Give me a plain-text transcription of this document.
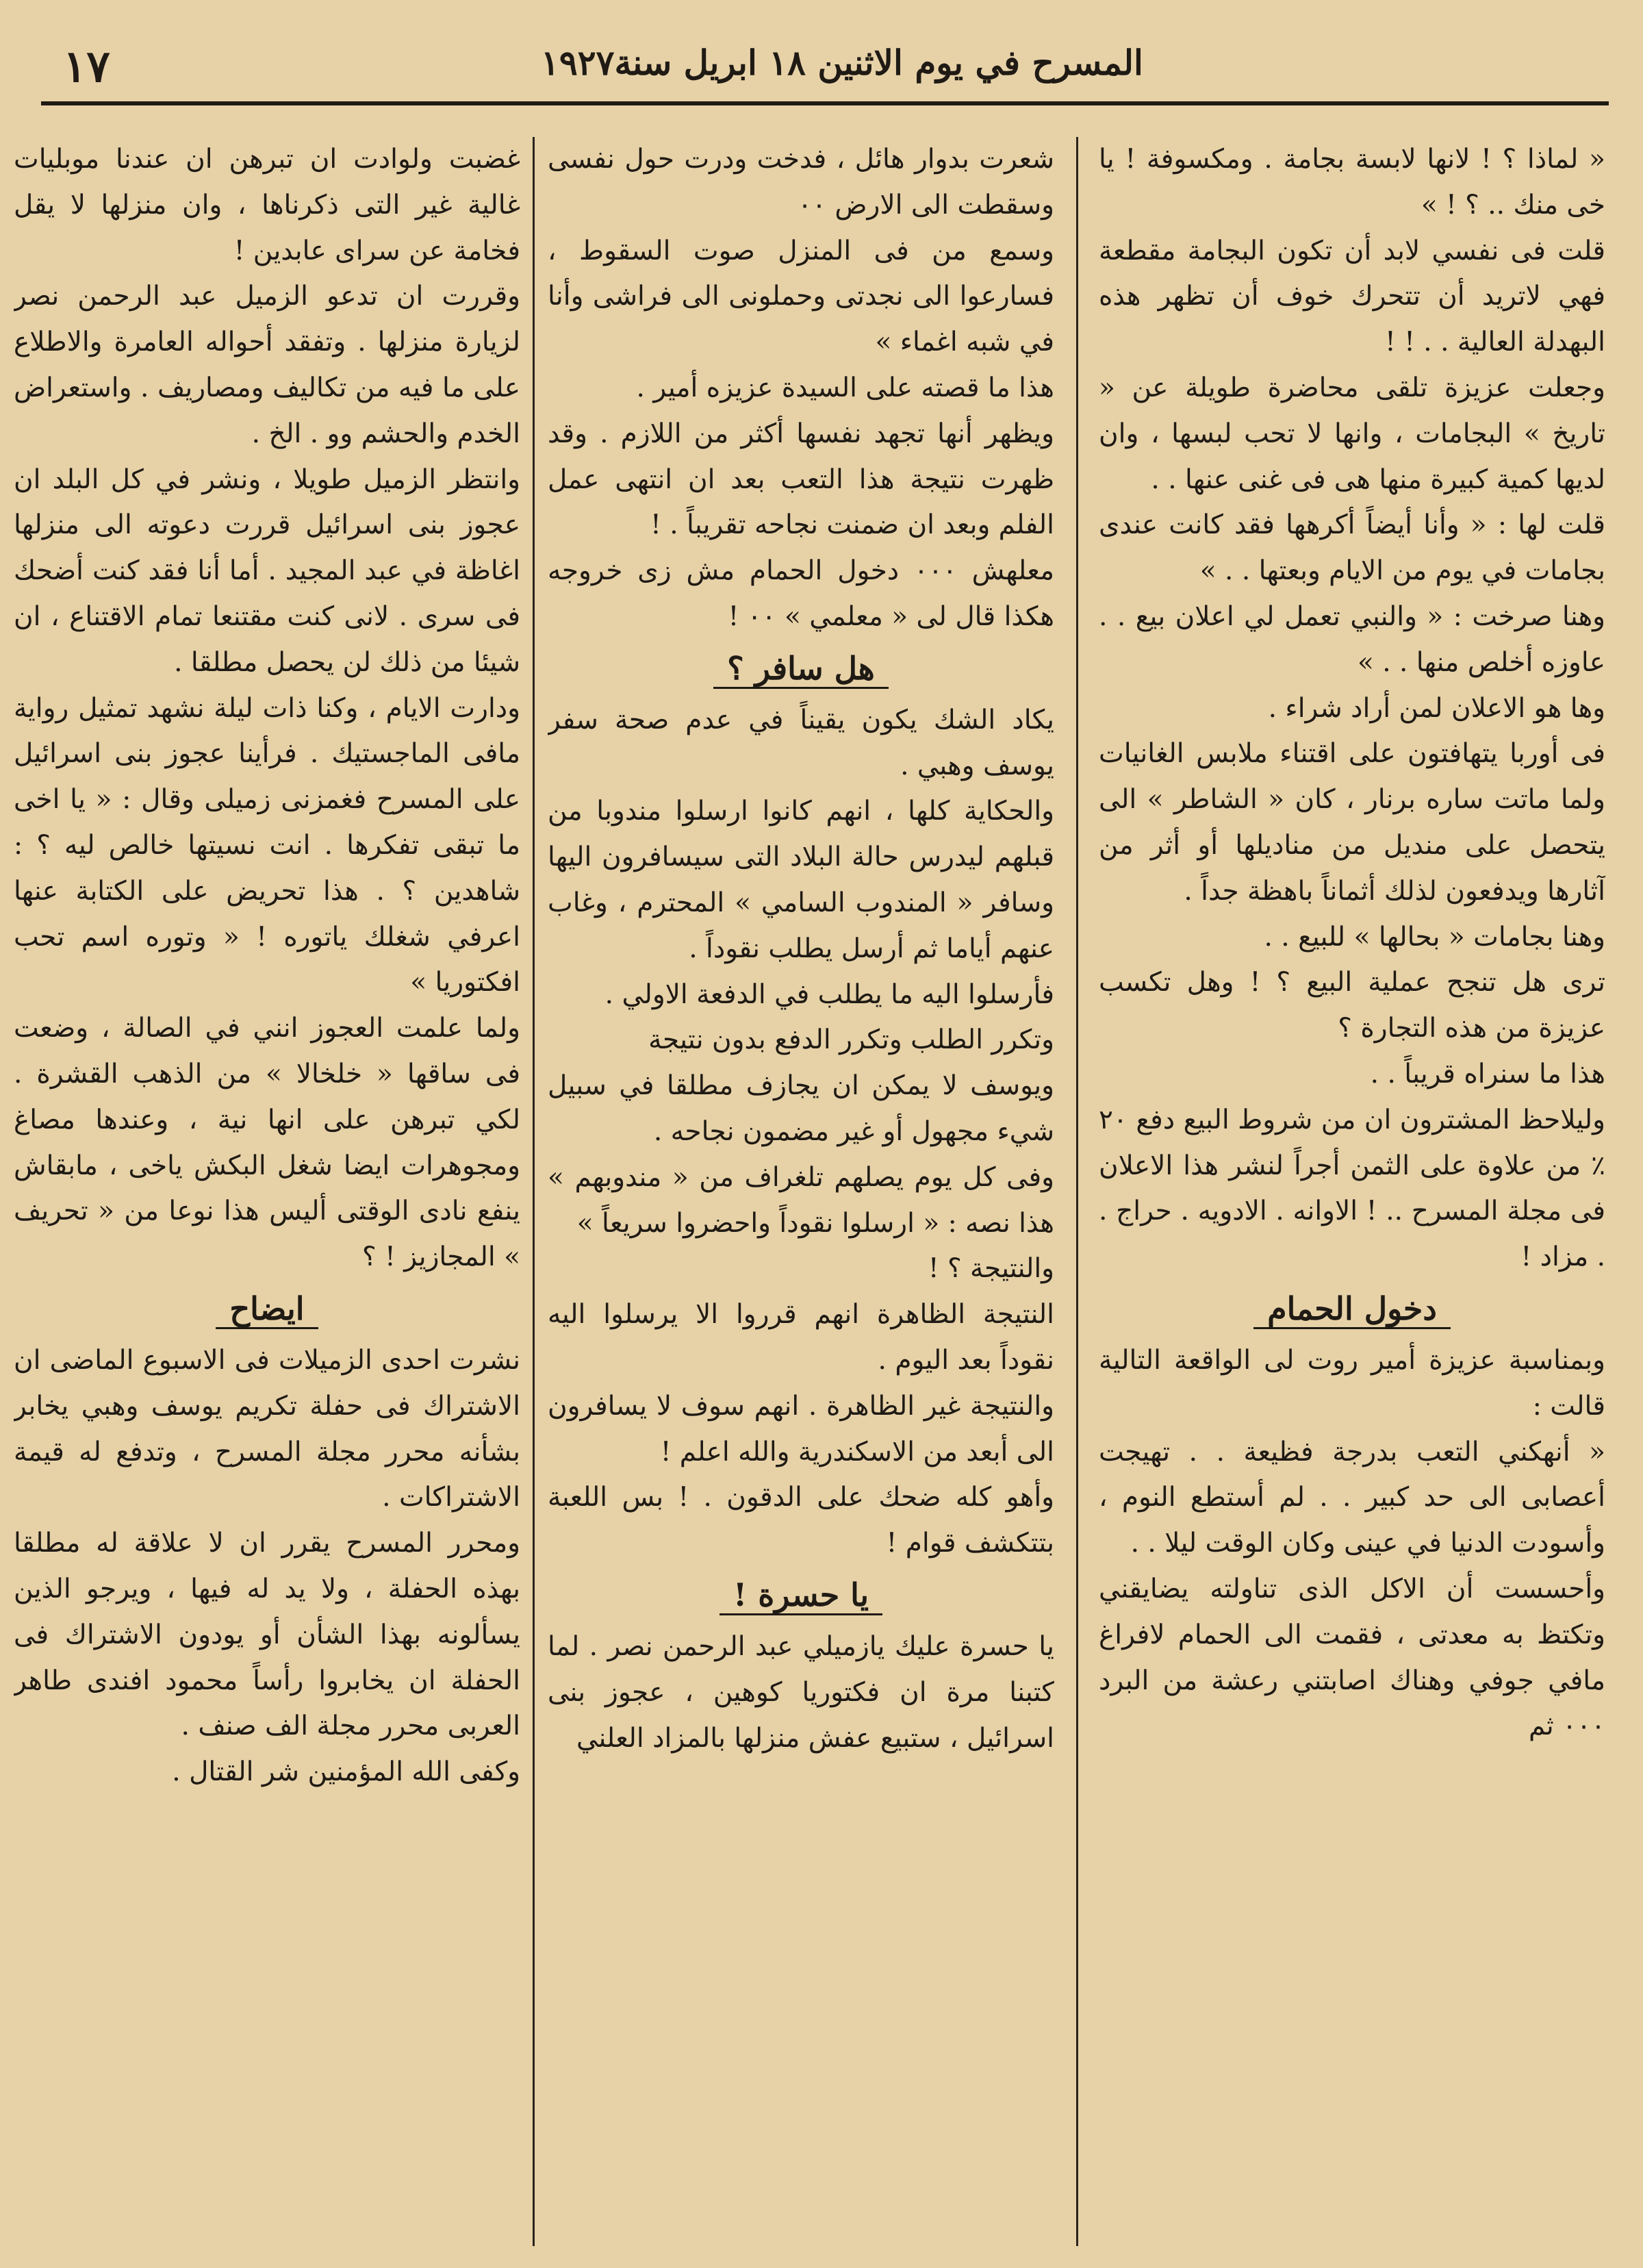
١٧	المسرح في يوم الاثنين ١٨ ابريل سنة١٩٢٧

« لماذا ؟ ! لانها لابسة بجامة . ومكسوفة ! يا خى منك .. ؟ ! »

قلت فى نفسي لابد أن تكون البجامة مقطعة فهي لاتريد أن تتحرك خوف أن تظهر هذه البهدلة العالية . . ! !

وجعلت عزيزة تلقى محاضرة طويلة عن « تاريخ » البجامات ، وانها لا تحب لبسها ، وان لديها كمية كبيرة منها هى فى غنى عنها . .

قلت لها : « وأنا أيضاً أكرهها فقد كانت عندى بجامات في يوم من الايام وبعتها . . »

وهنا صرخت : « والنبي تعمل لي اعلان بيع . . عاوزه أخلص منها . . »

وها هو الاعلان لمن أراد شراء .

فى أوربا يتهافتون على اقتناء ملابس الغانيات ولما ماتت ساره برنار ، كان « الشاطر » الى يتحصل على منديل من مناديلها أو أثر من آثارها ويدفعون لذلك أثماناً باهظة جداً .

وهنا بجامات « بحالها » للبيع . .

ترى هل تنجح عملية البيع ؟ ! وهل تكسب عزيزة من هذه التجارة ؟

هذا ما سنراه قريباً . .

وليلاحظ المشترون ان من شروط البيع دفع ٢٠ ٪ من علاوة على الثمن أجراً لنشر هذا الاعلان فى مجلة المسرح .. ! الاوانه . الادويه . حراج . . مزاد !

دخول الحمام

وبمناسبة عزيزة أمير روت لى الواقعة التالية قالت :

« أنهكني التعب بدرجة فظيعة . . تهيجت أعصابى الى حد كبير . . لم أستطع النوم ، وأسودت الدنيا في عينى وكان الوقت ليلا . .

وأحسست أن الاكل الذى تناولته يضايقني وتكتظ به معدتى ، فقمت الى الحمام لافراغ مافي جوفي وهناك اصابتني رعشة من البرد ٠٠٠ ثم

شعرت بدوار هائل ، فدخت ودرت حول نفسى وسقطت الى الارض ٠٠

وسمع من فى المنزل صوت السقوط ، فسارعوا الى نجدتى وحملونى الى فراشى وأنا في شبه اغماء »

هذا ما قصته على السيدة عزيزه أمير .

ويظهر أنها تجهد نفسها أكثر من اللازم . وقد ظهرت نتيجة هذا التعب بعد ان انتهى عمل الفلم وبعد ان ضمنت نجاحه تقريباً . !

معلهش ٠٠٠ دخول الحمام مش زى خروجه هكذا قال لى « معلمي » ٠٠ !

هل سافر ؟

يكاد الشك يكون يقيناً في عدم صحة سفر يوسف وهبي .

والحكاية كلها ، انهم كانوا ارسلوا مندوبا من قبلهم ليدرس حالة البلاد التى سيسافرون اليها وسافر « المندوب السامي » المحترم ، وغاب عنهم أياما ثم أرسل يطلب نقوداً .

فأرسلوا اليه ما يطلب في الدفعة الاولي .

وتكرر الطلب وتكرر الدفع بدون نتيجة

ويوسف لا يمكن ان يجازف مطلقا في سبيل شيء مجهول أو غير مضمون نجاحه .

وفى كل يوم يصلهم تلغراف من « مندوبهم » هذا نصه : « ارسلوا نقوداً واحضروا سريعاً »

والنتيجة ؟ !

النتيجة الظاهرة انهم قرروا الا يرسلوا اليه نقوداً بعد اليوم .

والنتيجة غير الظاهرة . انهم سوف لا يسافرون الى أبعد من الاسكندرية والله اعلم !

وأهو كله ضحك على الدقون . ! بس اللعبة بتتكشف قوام !

يا حسرة !

يا حسرة عليك يازميلي عبد الرحمن نصر . لما كتبنا مرة ان فكتوريا كوهين ، عجوز بنى اسرائيل ، ستبيع عفش منزلها بالمزاد العلني

غضبت ولوادت ان تبرهن ان عندنا موبليات غالية غير التى ذكرناها ، وان منزلها لا يقل فخامة عن سراى عابدين !

وقررت ان تدعو الزميل عبد الرحمن نصر لزيارة منزلها . وتفقد أحواله العامرة والاطلاع على ما فيه من تكاليف ومصاريف . واستعراض الخدم والحشم وو . الخ .

وانتظر الزميل طويلا ، ونشر في كل البلد ان عجوز بنى اسرائيل قررت دعوته الى منزلها اغاظة في عبد المجيد . أما أنا فقد كنت أضحك فى سرى . لانى كنت مقتنعا تمام الاقتناع ، ان شيئا من ذلك لن يحصل مطلقا .

ودارت الايام ، وكنا ذات ليلة نشهد تمثيل رواية مافى الماجستيك . فرأينا عجوز بنى اسرائيل على المسرح فغمزنى زميلى وقال : « يا اخى ما تبقى تفكرها . انت نسيتها خالص ليه ؟ : شاهدين ؟ . هذا تحريض على الكتابة عنها اعرفي شغلك ياتوره ! « وتوره اسم تحب افكتوريا »

ولما علمت العجوز انني في الصالة ، وضعت فى ساقها « خلخالا » من الذهب القشرة . لكي تبرهن على انها نية ، وعندها مصاغ ومجوهرات ايضا شغل البكش ياخى ، مابقاش ينفع نادى الوقتى أليس هذا نوعا من « تحريف » المجازيز ! ؟

ايضاح

نشرت احدى الزميلات فى الاسبوع الماضى ان الاشتراك فى حفلة تكريم يوسف وهبي يخابر بشأنه محرر مجلة المسرح ، وتدفع له قيمة الاشتراكات .

ومحرر المسرح يقرر ان لا علاقة له مطلقا بهذه الحفلة ، ولا يد له فيها ، ويرجو الذين يسألونه بهذا الشأن أو يودون الاشتراك فى الحفلة ان يخابروا رأساً محمود افندى طاهر العربى محرر مجلة الف صنف .

وكفى الله المؤمنين شر القتال .
